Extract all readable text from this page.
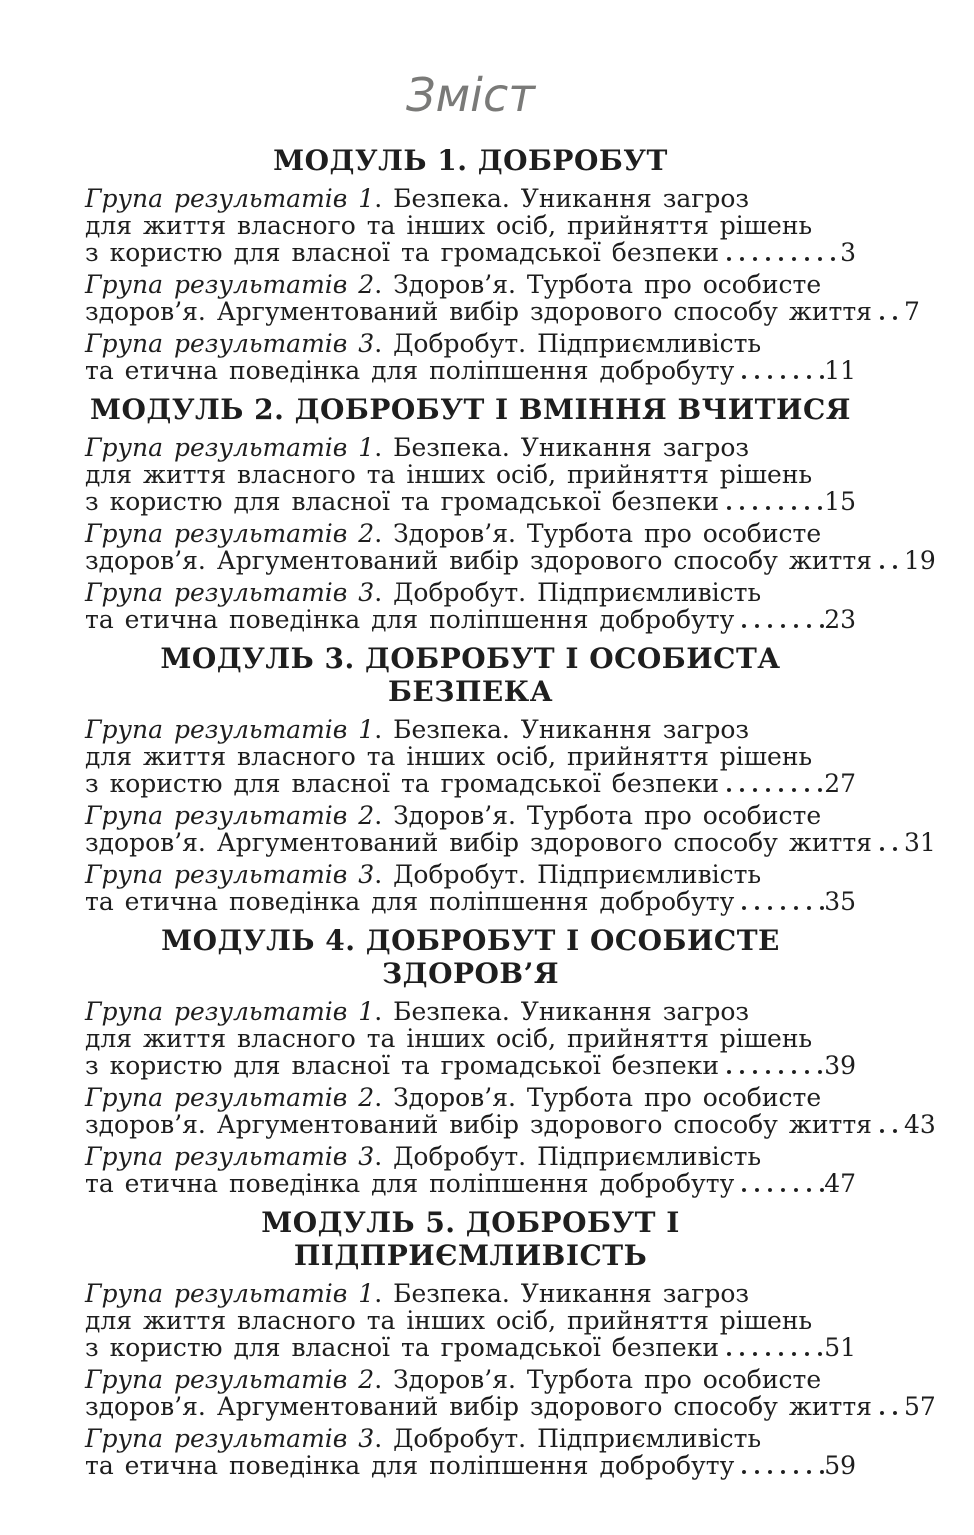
Зміст
МОДУЛЬ 1. ДОБРОБУТ
Група результатів 1. Безпека. Уникання загроз
для життя власного та інших осіб, прийняття рішень
з користю для власної та громадської безпеки	3
Група результатів 2. Здоров’я. Турбота про особисте
здоров’я. Аргументований вибір здорового способу життя 7
Група результатів 3. Добробут. Підприємливість
та етична поведінка для поліпшення добробуту	11
МОДУЛЬ 2. ДОБРОБУТ І ВМІННЯ ВЧИТИСЯ
Група результатів 1. Безпека. Уникання загроз
для життя власного та інших осіб, прийняття рішень
з користю для власної та громадської безпеки	15
Група результатів 2. Здоров’я. Турбота про особисте
здоров’я. Аргументований вибір здорового способу життя 19
Група результатів 3. Добробут. Підприємливість
та етична поведінка для поліпшення добробуту	23
МОДУЛЬ 3. ДОБРОБУТ І ОСОБИСТА БЕЗПЕКА
Група результатів 1. Безпека. Уникання загроз
для життя власного та інших осіб, прийняття рішень
з користю для власної та громадської безпеки	27
Група результатів 2. Здоров’я. Турбота про особисте
здоров’я. Аргументований вибір здорового способу життя 31
Група результатів 3. Добробут. Підприємливість
та етична поведінка для поліпшення добробуту	35
МОДУЛЬ 4. ДОБРОБУТ І ОСОБИСТЕ ЗДОРОВ’Я
Група результатів 1. Безпека. Уникання загроз
для життя власного та інших осіб, прийняття рішень
з користю для власної та громадської безпеки	39
Група результатів 2. Здоров’я. Турбота про особисте
здоров’я. Аргументований вибір здорового способу життя 43
Група результатів 3. Добробут. Підприємливість
та етична поведінка для поліпшення добробуту	47
МОДУЛЬ 5. ДОБРОБУТ І ПІДПРИЄМЛИВІСТЬ
Група результатів 1. Безпека. Уникання загроз
для життя власного та інших осіб, прийняття рішень
з користю для власної та громадської безпеки	51
Група результатів 2. Здоров’я. Турбота про особисте
здоров’я. Аргументований вибір здорового способу життя 57
Група результатів 3. Добробут. Підприємливість
та етична поведінка для поліпшення добробуту	59
